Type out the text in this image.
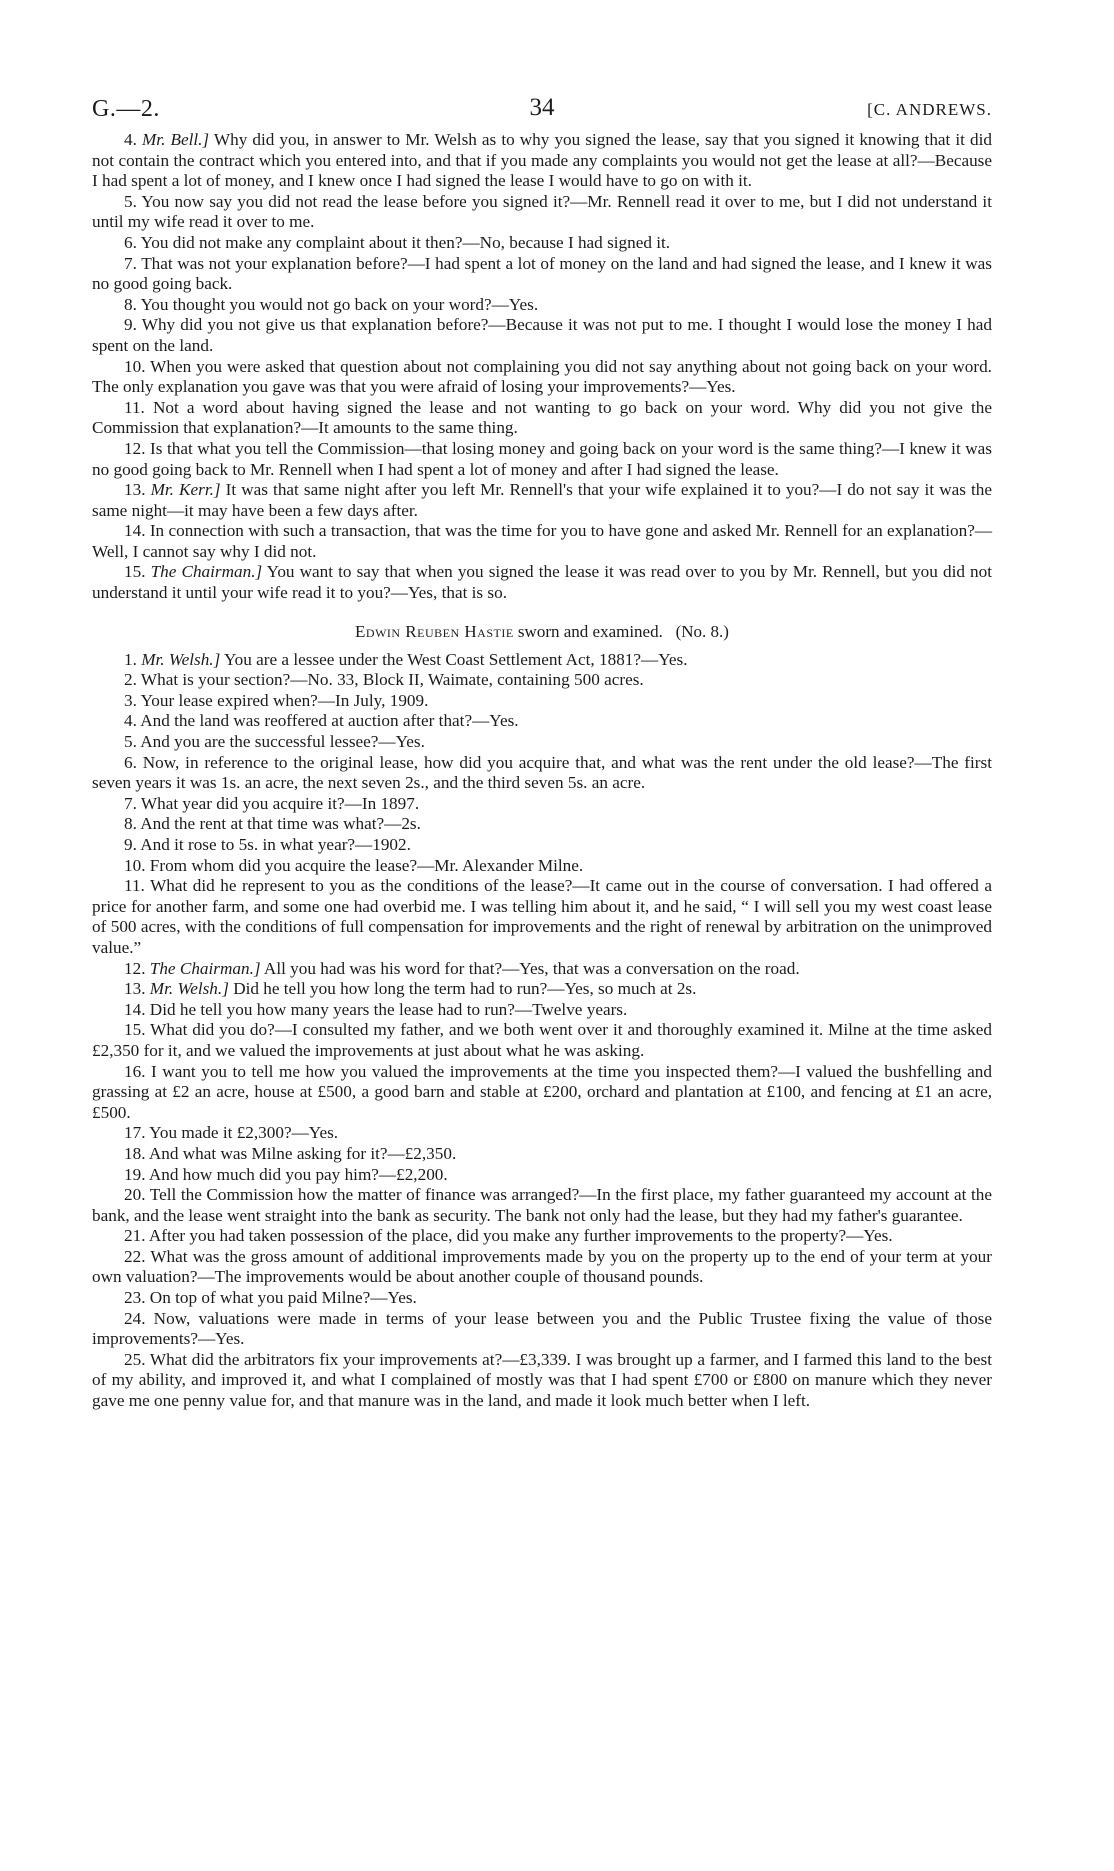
G.—2.	34	[C. ANDREWS.

4. Mr. Bell.] Why did you, in answer to Mr. Welsh as to why you signed the lease, say that you signed it knowing that it did not contain the contract which you entered into, and that if you made any complaints you would not get the lease at all?—Because I had spent a lot of money, and I knew once I had signed the lease I would have to go on with it.

5. You now say you did not read the lease before you signed it?—Mr. Rennell read it over to me, but I did not understand it until my wife read it over to me.

6. You did not make any complaint about it then?—No, because I had signed it.

7. That was not your explanation before?—I had spent a lot of money on the land and had signed the lease, and I knew it was no good going back.

8. You thought you would not go back on your word?—Yes.

9. Why did you not give us that explanation before?—Because it was not put to me. I thought I would lose the money I had spent on the land.

10. When you were asked that question about not complaining you did not say anything about not going back on your word. The only explanation you gave was that you were afraid of losing your improvements?—Yes.

11. Not a word about having signed the lease and not wanting to go back on your word. Why did you not give the Commission that explanation?—It amounts to the same thing.

12. Is that what you tell the Commission—that losing money and going back on your word is the same thing?—I knew it was no good going back to Mr. Rennell when I had spent a lot of money and after I had signed the lease.

13. Mr. Kerr.] It was that same night after you left Mr. Rennell's that your wife explained it to you?—I do not say it was the same night—it may have been a few days after.

14. In connection with such a transaction, that was the time for you to have gone and asked Mr. Rennell for an explanation?—Well, I cannot say why I did not.

15. The Chairman.] You want to say that when you signed the lease it was read over to you by Mr. Rennell, but you did not understand it until your wife read it to you?—Yes, that is so.

Edwin Reuben Hastie sworn and examined. (No. 8.)

1. Mr. Welsh.] You are a lessee under the West Coast Settlement Act, 1881?—Yes.

2. What is your section?—No. 33, Block II, Waimate, containing 500 acres.

3. Your lease expired when?—In July, 1909.

4. And the land was reoffered at auction after that?—Yes.

5. And you are the successful lessee?—Yes.

6. Now, in reference to the original lease, how did you acquire that, and what was the rent under the old lease?—The first seven years it was 1s. an acre, the next seven 2s., and the third seven 5s. an acre.

7. What year did you acquire it?—In 1897.

8. And the rent at that time was what?—2s.

9. And it rose to 5s. in what year?—1902.

10. From whom did you acquire the lease?—Mr. Alexander Milne.

11. What did he represent to you as the conditions of the lease?—It came out in the course of conversation. I had offered a price for another farm, and some one had overbid me. I was telling him about it, and he said, “ I will sell you my west coast lease of 500 acres, with the conditions of full compensation for improvements and the right of renewal by arbitration on the unimproved value.”

12. The Chairman.] All you had was his word for that?—Yes, that was a conversation on the road.

13. Mr. Welsh.] Did he tell you how long the term had to run?—Yes, so much at 2s.

14. Did he tell you how many years the lease had to run?—Twelve years.

15. What did you do?—I consulted my father, and we both went over it and thoroughly examined it. Milne at the time asked £2,350 for it, and we valued the improvements at just about what he was asking.

16. I want you to tell me how you valued the improvements at the time you inspected them?—I valued the bushfelling and grassing at £2 an acre, house at £500, a good barn and stable at £200, orchard and plantation at £100, and fencing at £1 an acre, £500.

17. You made it £2,300?—Yes.

18. And what was Milne asking for it?—£2,350.

19. And how much did you pay him?—£2,200.

20. Tell the Commission how the matter of finance was arranged?—In the first place, my father guaranteed my account at the bank, and the lease went straight into the bank as security. The bank not only had the lease, but they had my father's guarantee.

21. After you had taken possession of the place, did you make any further improvements to the property?—Yes.

22. What was the gross amount of additional improvements made by you on the property up to the end of your term at your own valuation?—The improvements would be about another couple of thousand pounds.

23. On top of what you paid Milne?—Yes.

24. Now, valuations were made in terms of your lease between you and the Public Trustee fixing the value of those improvements?—Yes.

25. What did the arbitrators fix your improvements at?—£3,339. I was brought up a farmer, and I farmed this land to the best of my ability, and improved it, and what I complained of mostly was that I had spent £700 or £800 on manure which they never gave me one penny value for, and that manure was in the land, and made it look much better when I left.
